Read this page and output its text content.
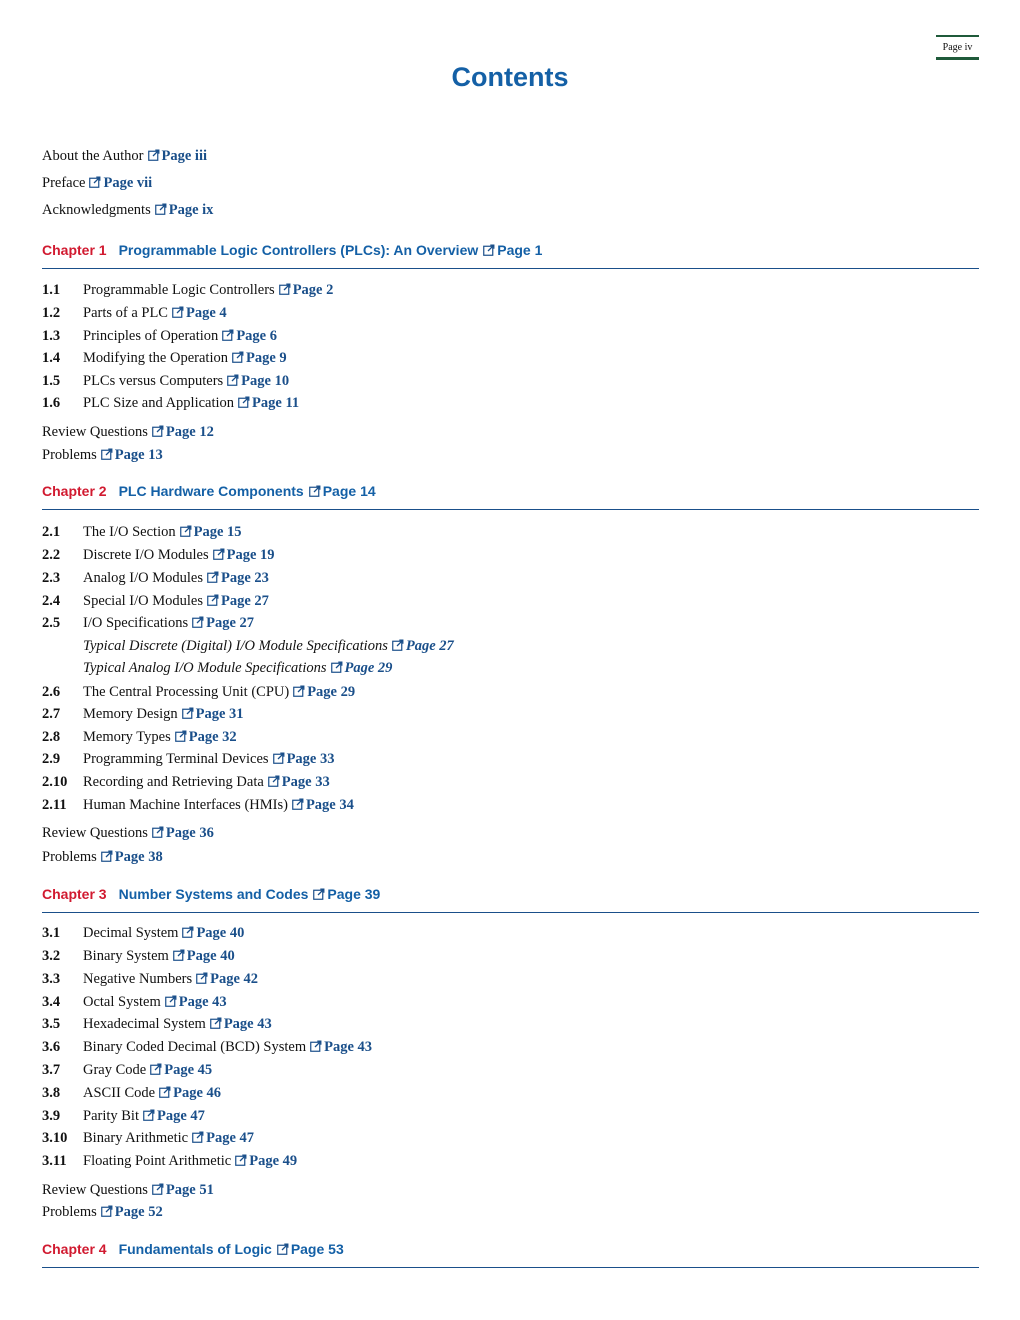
Page iv
Contents
About the Author Page iii
Preface Page vii
Acknowledgments Page ix
Chapter 1 Programmable Logic Controllers (PLCs): An Overview Page 1
1.1 Programmable Logic Controllers Page 2
1.2 Parts of a PLC Page 4
1.3 Principles of Operation Page 6
1.4 Modifying the Operation Page 9
1.5 PLCs versus Computers Page 10
1.6 PLC Size and Application Page 11
Review Questions Page 12
Problems Page 13
Chapter 2 PLC Hardware Components Page 14
2.1 The I/O Section Page 15
2.2 Discrete I/O Modules Page 19
2.3 Analog I/O Modules Page 23
2.4 Special I/O Modules Page 27
2.5 I/O Specifications Page 27
Typical Discrete (Digital) I/O Module Specifications Page 27
Typical Analog I/O Module Specifications Page 29
2.6 The Central Processing Unit (CPU) Page 29
2.7 Memory Design Page 31
2.8 Memory Types Page 32
2.9 Programming Terminal Devices Page 33
2.10 Recording and Retrieving Data Page 33
2.11 Human Machine Interfaces (HMIs) Page 34
Review Questions Page 36
Problems Page 38
Chapter 3 Number Systems and Codes Page 39
3.1 Decimal System Page 40
3.2 Binary System Page 40
3.3 Negative Numbers Page 42
3.4 Octal System Page 43
3.5 Hexadecimal System Page 43
3.6 Binary Coded Decimal (BCD) System Page 43
3.7 Gray Code Page 45
3.8 ASCII Code Page 46
3.9 Parity Bit Page 47
3.10 Binary Arithmetic Page 47
3.11 Floating Point Arithmetic Page 49
Review Questions Page 51
Problems Page 52
Chapter 4 Fundamentals of Logic Page 53
